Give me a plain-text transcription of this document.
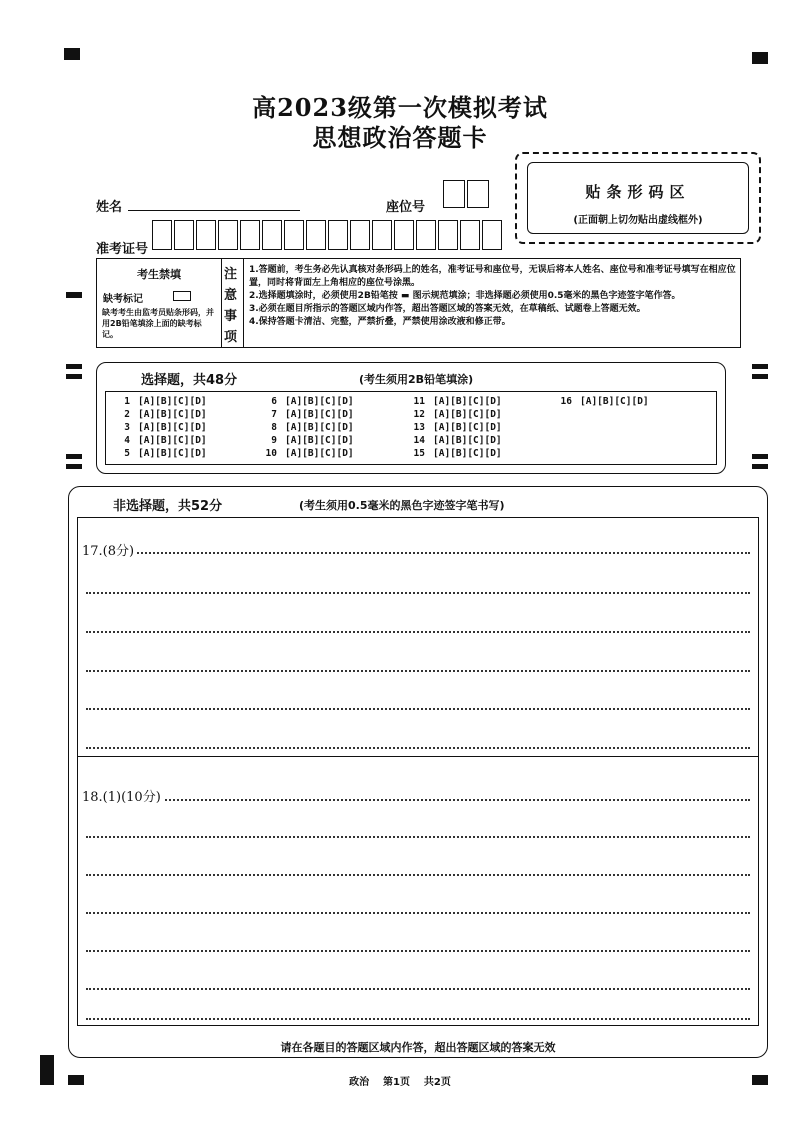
高2023级第一次模拟考试
思想政治答题卡
姓名	座位号
准考证号
贴条形码区
(正面朝上切勿贴出虚线框外)
考生禁填
缺考标记
缺考考生由监考员贴条形码，并用2B铅笔填涂上面的缺考标记。
注
意
事
项
1.答题前，考生务必先认真核对条形码上的姓名，准考证号和座位号，无误后将本人姓名、座位号和准考证号填写在相应位置，同时将背面左上角相应的座位号涂黑。
2.选择题填涂时，必须使用2B铅笔按 ▬ 图示规范填涂；非选择题必须使用0.5毫米的黑色字迹签字笔作答。
3.必须在题目所指示的答题区域内作答，超出答题区域的答案无效，在草稿纸、试题卷上答题无效。
4.保持答题卡清洁、完整，严禁折叠，严禁使用涂改液和修正带。
选择题，共48分	(考生须用2B铅笔填涂)
1 [A][B][C][D]
2 [A][B][C][D]
3 [A][B][C][D]
4 [A][B][C][D]
5 [A][B][C][D]
6 [A][B][C][D]
7 [A][B][C][D]
8 [A][B][C][D]
9 [A][B][C][D]
10 [A][B][C][D]
11 [A][B][C][D]
12 [A][B][C][D]
13 [A][B][C][D]
14 [A][B][C][D]
15 [A][B][C][D]
16 [A][B][C][D]
非选择题，共52分	(考生须用0.5毫米的黑色字迹签字笔书写)
17.(8分)
18.(1)(10分)
请在各题目的答题区域内作答，超出答题区域的答案无效
政治    第1页    共2页
